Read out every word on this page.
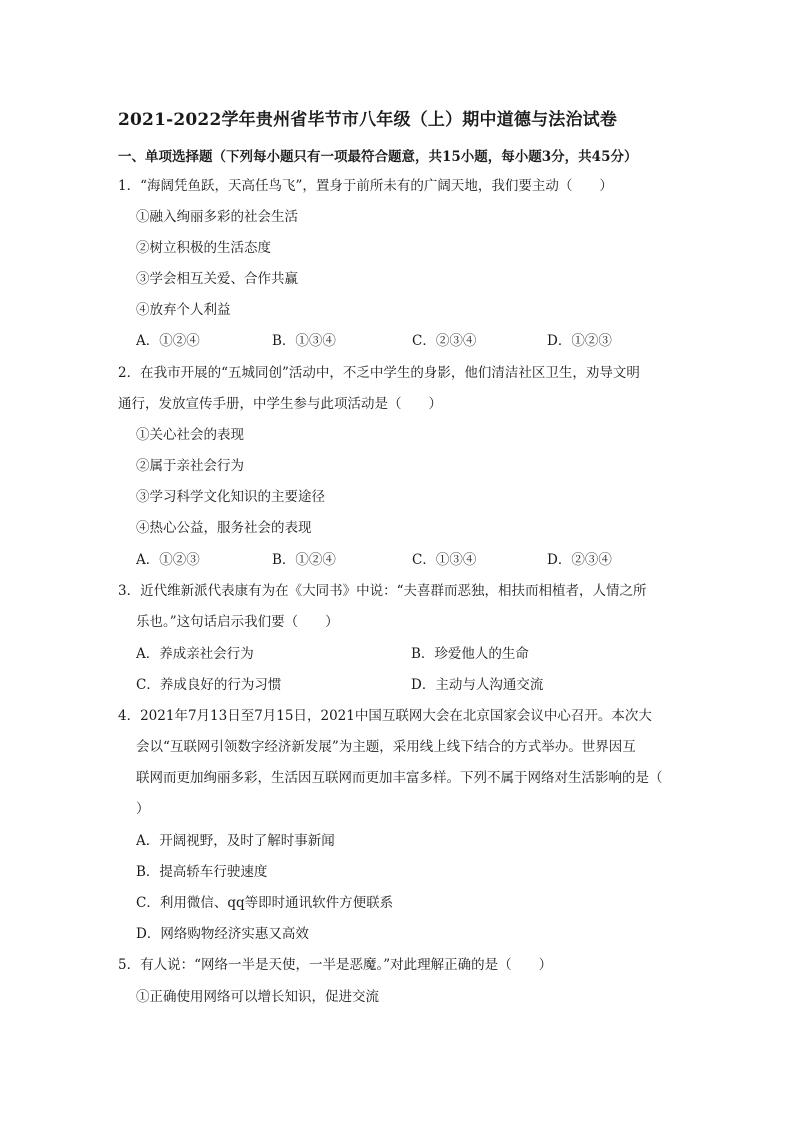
2021-2022学年贵州省毕节市八年级（上）期中道德与法治试卷
一、单项选择题（下列每小题只有一项最符合题意，共15小题，每小题3分，共45分）
1．“海阔凭鱼跃，天高任鸟飞”，置身于前所未有的广阔天地，我们要主动（　　）
①融入绚丽多彩的社会生活
②树立积极的生活态度
③学会相互关爱、合作共赢
④放弃个人利益
A．①②④	B．①③④	C．②③④	D．①②③
2．在我市开展的“五城同创”活动中，不乏中学生的身影，他们清洁社区卫生，劝导文明
通行，发放宣传手册，中学生参与此项活动是（　　）
①关心社会的表现
②属于亲社会行为
③学习科学文化知识的主要途径
④热心公益，服务社会的表现
A．①②③	B．①②④	C．①③④	D．②③④
3．近代维新派代表康有为在《大同书》中说：“夫喜群而恶独，相扶而相植者，人情之所
乐也。”这句话启示我们要（　　）
A．养成亲社会行为	B．珍爱他人的生命
C．养成良好的行为习惯	D．主动与人沟通交流
4．2021年7月13日至7月15日，2021中国互联网大会在北京国家会议中心召开。本次大
会以“互联网引领数字经济新发展”为主题，采用线上线下结合的方式举办。世界因互
联网而更加绚丽多彩，生活因互联网而更加丰富多样。下列不属于网络对生活影响的是（
）
A．开阔视野，及时了解时事新闻
B．提高轿车行驶速度
C．利用微信、qq等即时通讯软件方便联系
D．网络购物经济实惠又高效
5．有人说：“网络一半是天使，一半是恶魔。”对此理解正确的是（　　）
①正确使用网络可以增长知识，促进交流
